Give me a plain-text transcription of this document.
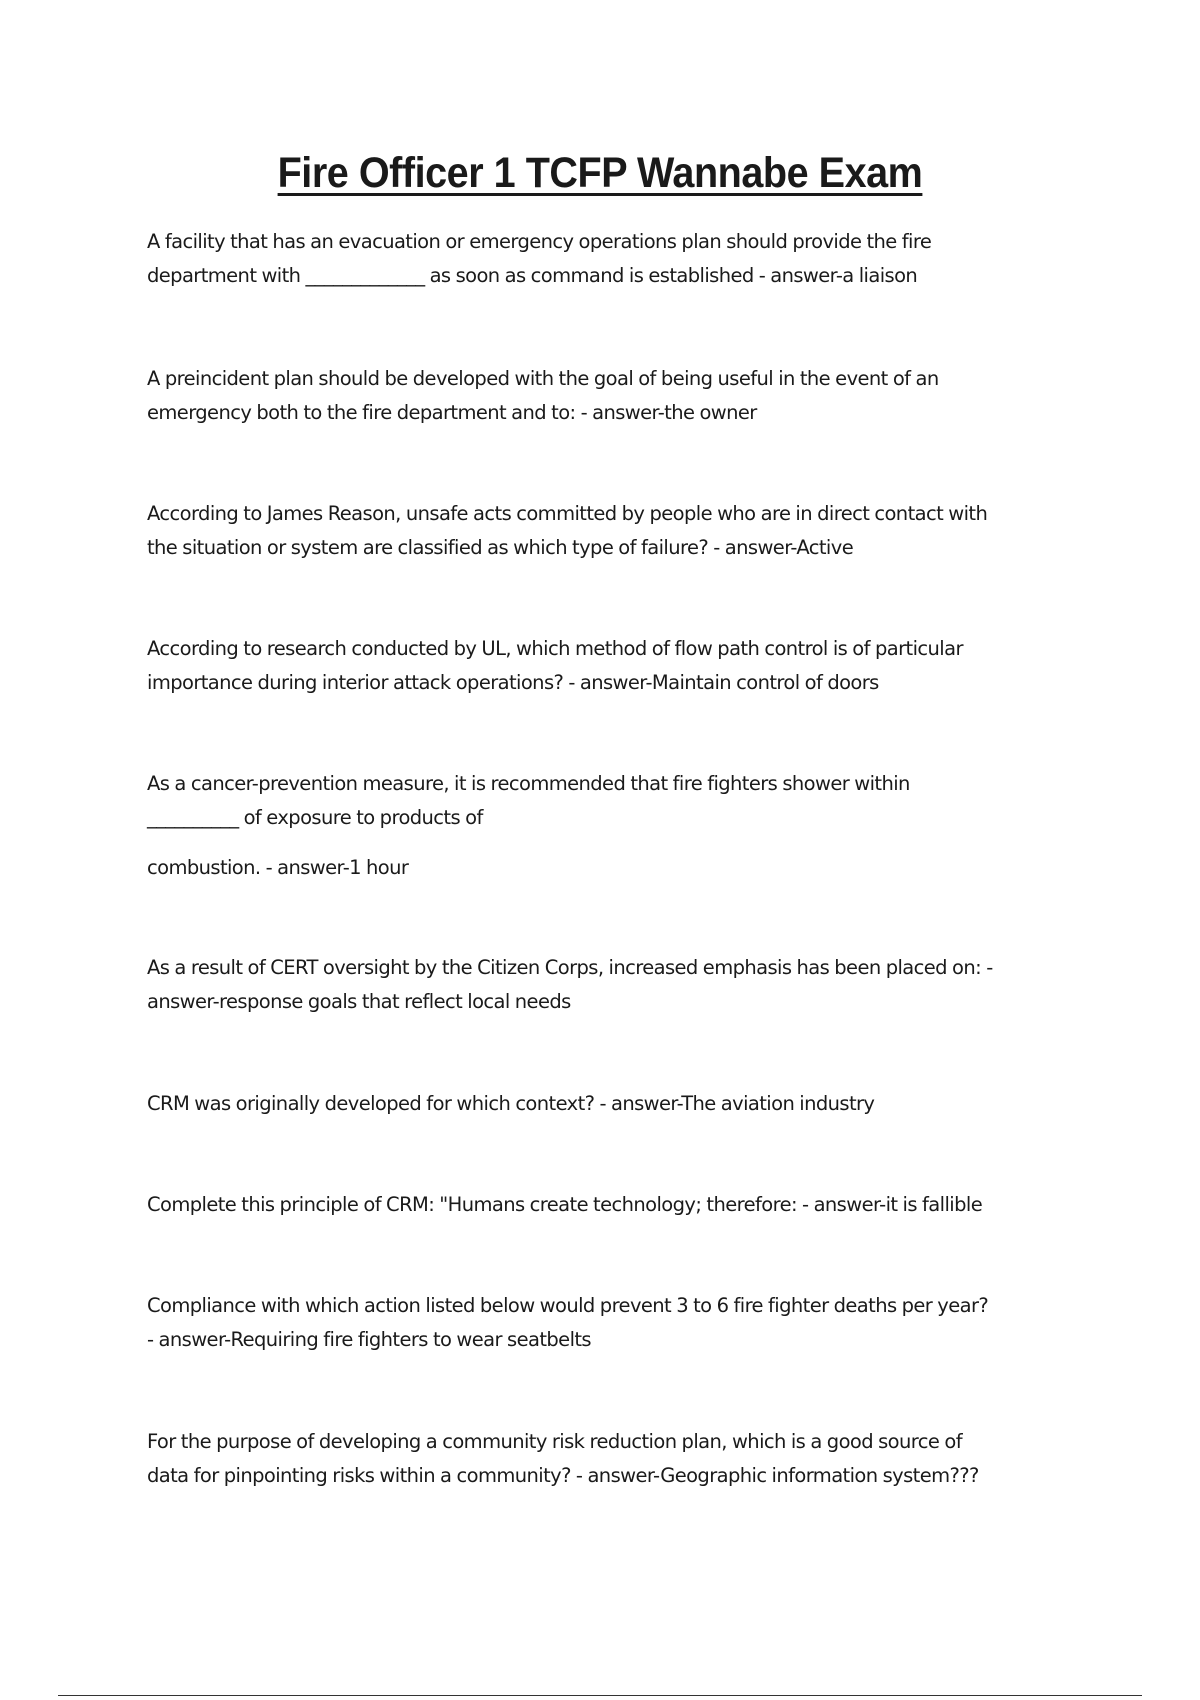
Fire Officer 1 TCFP Wannabe Exam

A facility that has an evacuation or emergency operations plan should provide the fire
department with _____________ as soon as command is established - answer-a liaison

A preincident plan should be developed with the goal of being useful in the event of an
emergency both to the fire department and to: - answer-the owner

According to James Reason, unsafe acts committed by people who are in direct contact with
the situation or system are classified as which type of failure? - answer-Active

According to research conducted by UL, which method of flow path control is of particular
importance during interior attack operations? - answer-Maintain control of doors

As a cancer-prevention measure, it is recommended that fire fighters shower within
__________ of exposure to products of

combustion. - answer-1 hour

As a result of CERT oversight by the Citizen Corps, increased emphasis has been placed on: -
answer-response goals that reflect local needs

CRM was originally developed for which context? - answer-The aviation industry

Complete this principle of CRM: "Humans create technology; therefore: - answer-it is fallible

Compliance with which action listed below would prevent 3 to 6 fire fighter deaths per year?
- answer-Requiring fire fighters to wear seatbelts

For the purpose of developing a community risk reduction plan, which is a good source of
data for pinpointing risks within a community? - answer-Geographic information system???
